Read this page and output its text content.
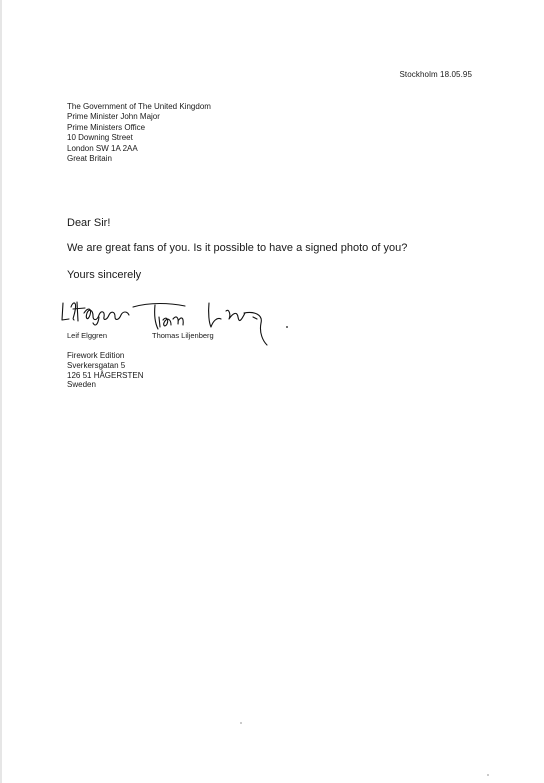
Stockholm 18.05.95
The Government of The United Kingdom
Prime Minister John Major
Prime Ministers Office
10 Downing Street
London SW 1A 2AA
Great Britain
Dear Sir!
We are great fans of you. Is it possible to have a signed photo of you?
Yours sincerely
Leif Elggren	Thomas Liljenberg
Firework Edition
Sverkersgatan 5
126 51 HÅGERSTEN
Sweden
